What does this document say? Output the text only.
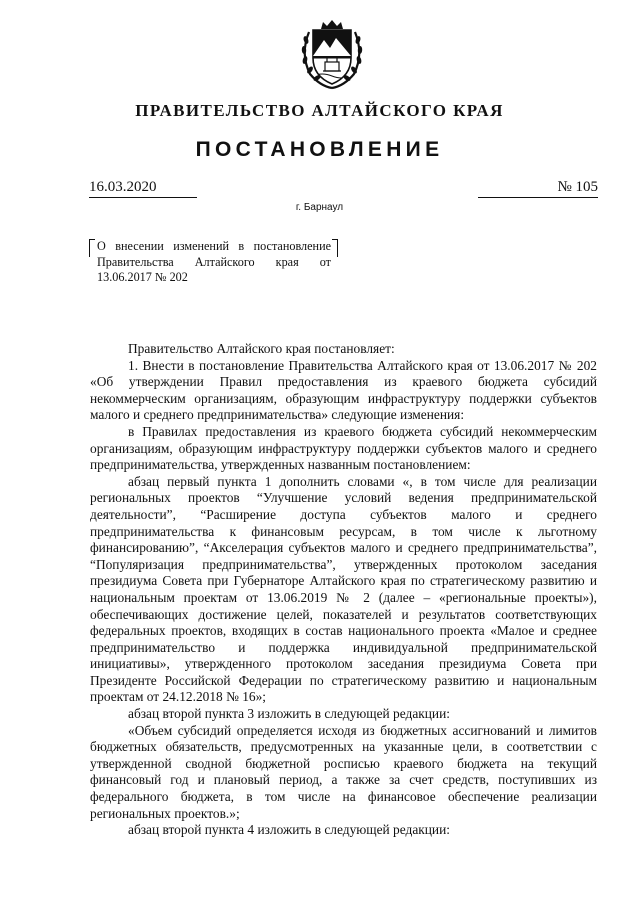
ПРАВИТЕЛЬСТВО АЛТАЙСКОГО КРАЯ
ПОСТАНОВЛЕНИЕ
16.03.2020	№ 105
г. Барнаул
О внесении изменений в постановление Правительства Алтайского края от 13.06.2017 № 202

Правительство Алтайского края постановляет:

1. Внести в постановление Правительства Алтайского края от 13.06.2017 № 202 «Об утверждении Правил предоставления из краевого бюджета субсидий некоммерческим организациям, образующим инфраструктуру поддержки субъектов малого и среднего предпринимательства» следующие изменения:

в Правилах предоставления из краевого бюджета субсидий некоммерческим организациям, образующим инфраструктуру поддержки субъектов малого и среднего предпринимательства, утвержденных названным постановлением:

абзац первый пункта 1 дополнить словами «, в том числе для реализации региональных проектов “Улучшение условий ведения предпринимательской деятельности”, “Расширение доступа субъектов малого и среднего предпринимательства к финансовым ресурсам, в том числе к льготному финансированию”, “Акселерация субъектов малого и среднего предпринимательства”, “Популяризация предпринимательства”, утвержденных протоколом заседания президиума Совета при Губернаторе Алтайского края по стратегическому развитию и национальным проектам от 13.06.2019 № 2 (далее – «региональные проекты»), обеспечивающих достижение целей, показателей и результатов соответствующих федеральных проектов, входящих в состав национального проекта «Малое и среднее предпринимательство и поддержка индивидуальной предпринимательской инициативы», утвержденного протоколом заседания президиума Совета при Президенте Российской Федерации по стратегическому развитию и национальным проектам от 24.12.2018 № 16»;

абзац второй пункта 3 изложить в следующей редакции:

«Объем субсидий определяется исходя из бюджетных ассигнований и лимитов бюджетных обязательств, предусмотренных на указанные цели, в соответствии с утвержденной сводной бюджетной росписью краевого бюджета на текущий финансовый год и плановый период, а также за счет средств, поступивших из федерального бюджета, в том числе на финансовое обеспечение реализации региональных проектов.»;

абзац второй пункта 4 изложить в следующей редакции:
